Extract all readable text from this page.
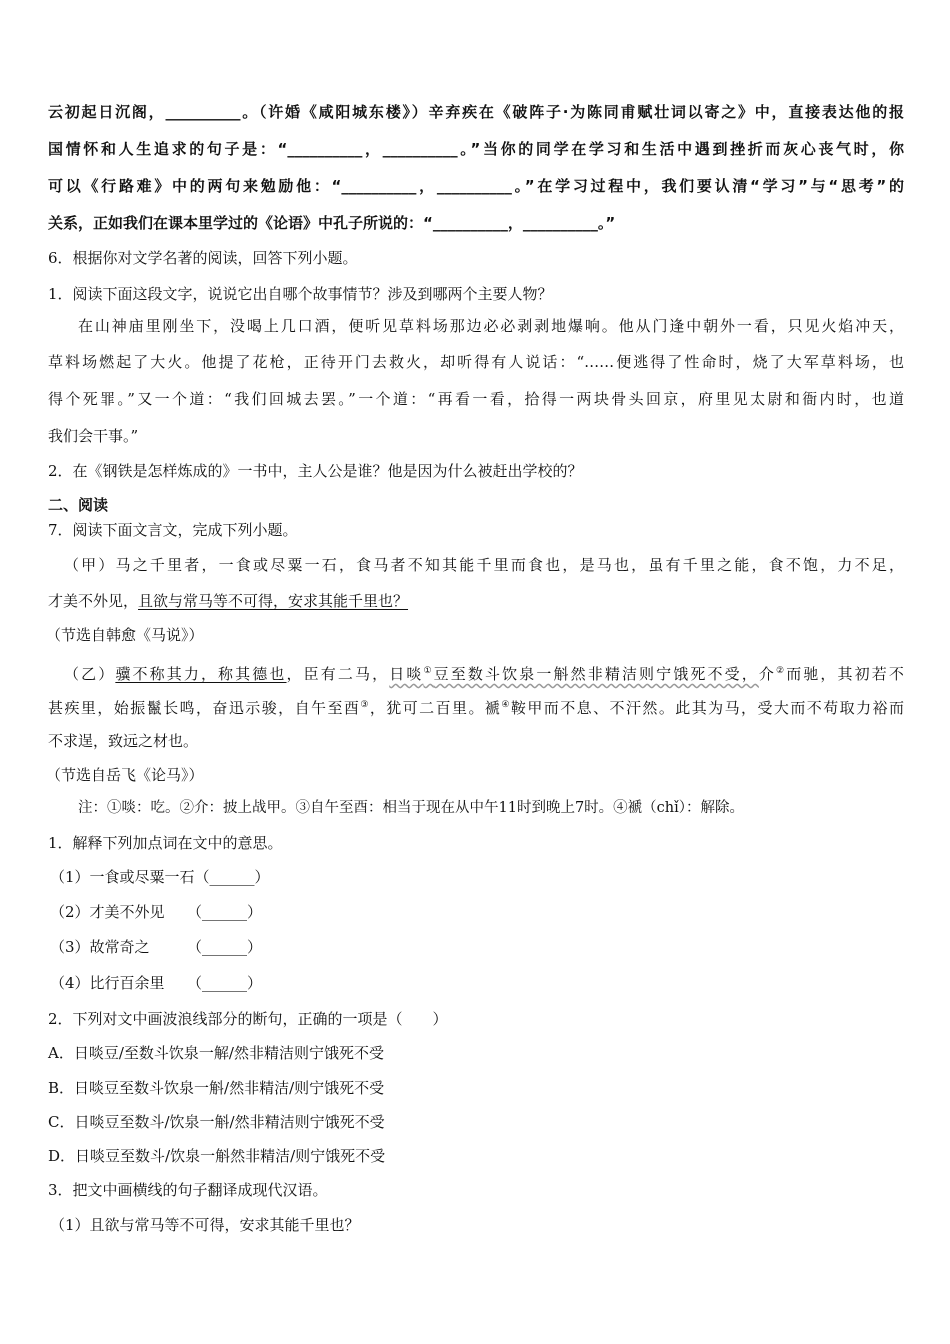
云初起日沉阁，__________。（许婚《咸阳城东楼》）辛弃疾在《破阵子·为陈同甫赋壮词以寄之》中，直接表达他的报
国情怀和人生追求的句子是：“__________，__________。”当你的同学在学习和生活中遇到挫折而灰心丧气时，你
可以《行路难》中的两句来勉励他：“__________，__________。”在学习过程中，我们要认清“学习”与“思考”的
关系，正如我们在课本里学过的《论语》中孔子所说的：“__________，__________。”
6．根据你对文学名著的阅读，回答下列小题。
1．阅读下面这段文字，说说它出自哪个故事情节？涉及到哪两个主要人物？
在山神庙里刚坐下，没喝上几口酒，便听见草料场那边必必剥剥地爆响。他从门逢中朝外一看，只见火焰冲天，
草料场燃起了大火。他提了花枪，正待开门去救火，却听得有人说话：“……便逃得了性命时，烧了大军草料场，也
得个死罪。”又一个道：“我们回城去罢。”一个道：“再看一看，拾得一两块骨头回京，府里见太尉和衙内时，也道
我们会干事。”
2．在《钢铁是怎样炼成的》一书中，主人公是谁？他是因为什么被赶出学校的？
二、阅读
7．阅读下面文言文，完成下列小题。
（甲）马之千里者，一食或尽粟一石，食马者不知其能千里而食也，是马也，虽有千里之能，食不饱，力不足，
才美不外见，且欲与常马等不可得，安求其能千里也？
（节选自韩愈《马说》）
（乙）骥不称其力，称其德也，臣有二马，日啖①豆至数斗饮泉一斛然非精洁则宁饿死不受，介②而驰，其初若不
甚疾里，始振鬣长鸣，奋迅示骏，自午至酉③，犹可二百里。褫④鞍甲而不息、不汗然。此其为马，受大而不苟取力裕而
不求逞，致远之材也。
（节选自岳飞《论马》）
注：①啖：吃。②介：披上战甲。③自午至酉：相当于现在从中午11时到晚上7时。④褫（chǐ）：解除。
1．解释下列加点词在文中的意思。
（1）一食或尽粟一石（______）
（2）才美不外见　　（______）
（3）故常奇之　　　（______）
（4）比行百余里　　（______）
2．下列对文中画波浪线部分的断句，正确的一项是（　　）
A．日啖豆/至数斗饮泉一解/然非精洁则宁饿死不受
B．日啖豆至数斗饮泉一斛/然非精洁/则宁饿死不受
C．日啖豆至数斗/饮泉一斛/然非精洁则宁饿死不受
D．日啖豆至数斗/饮泉一斛然非精洁/则宁饿死不受
3．把文中画横线的句子翻译成现代汉语。
（1）且欲与常马等不可得，安求其能千里也？
